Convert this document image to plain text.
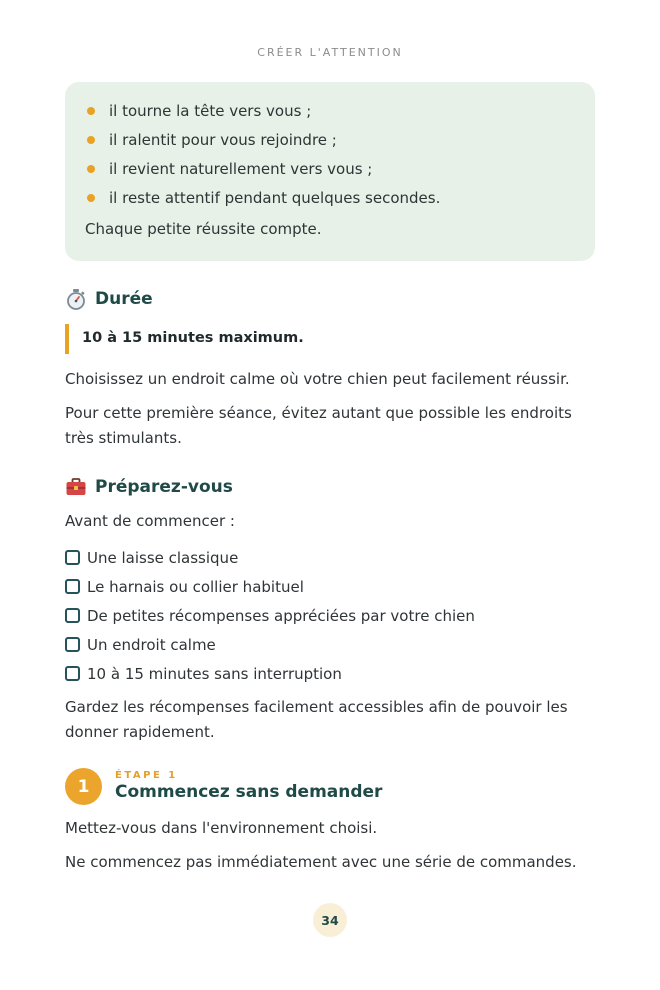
CRÉER L'ATTENTION
il tourne la tête vers vous ;
il ralentit pour vous rejoindre ;
il revient naturellement vers vous ;
il reste attentif pendant quelques secondes.
Chaque petite réussite compte.
Durée
10 à 15 minutes maximum.
Choisissez un endroit calme où votre chien peut facilement réussir.
Pour cette première séance, évitez autant que possible les endroits très stimulants.
Préparez-vous
Avant de commencer :
Une laisse classique
Le harnais ou collier habituel
De petites récompenses appréciées par votre chien
Un endroit calme
10 à 15 minutes sans interruption
Gardez les récompenses facilement accessibles afin de pouvoir les donner rapidement.
1
ÉTAPE 1
Commencez sans demander
Mettez-vous dans l'environnement choisi.
Ne commencez pas immédiatement avec une série de commandes.
34
